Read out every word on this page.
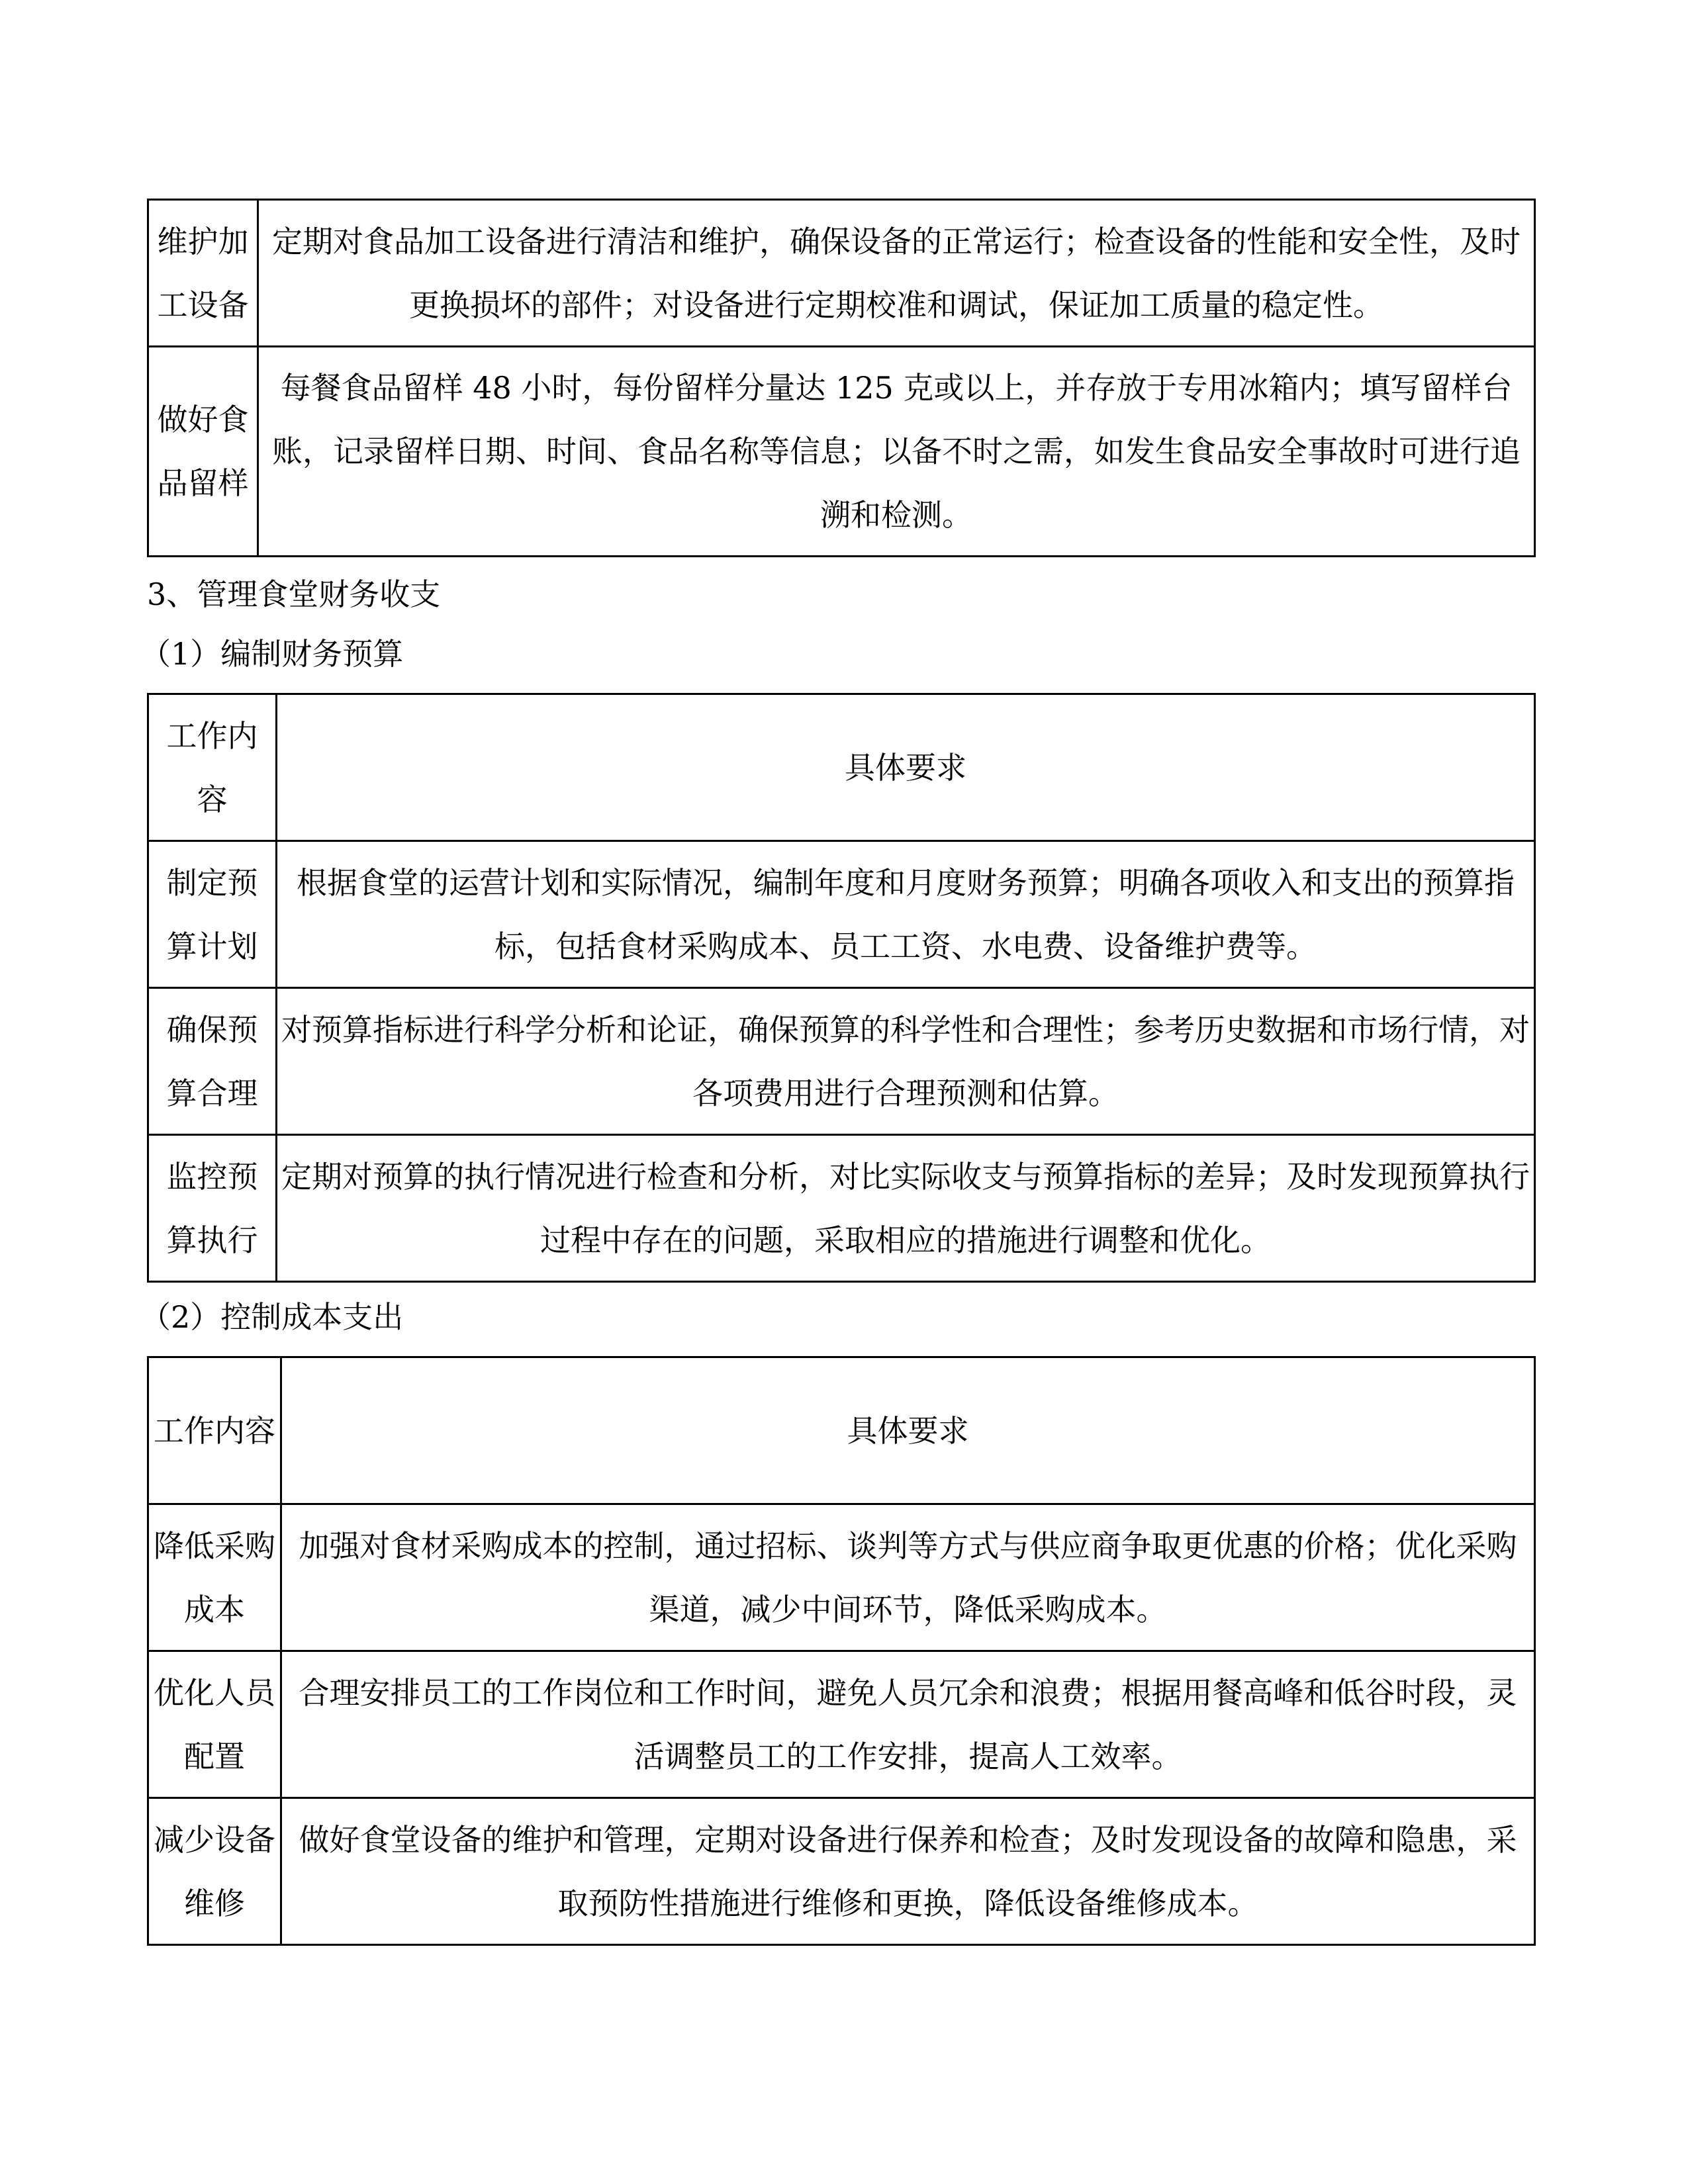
维护加工设备	定期对食品加工设备进行清洁和维护，确保设备的正常运行；检查设备的性能和安全性，及时更换损坏的部件；对设备进行定期校准和调试，保证加工质量的稳定性。
做好食品留样	每餐食品留样 48 小时，每份留样分量达 125 克或以上，并存放于专用冰箱内；填写留样台账，记录留样日期、时间、食品名称等信息；以备不时之需，如发生食品安全事故时可进行追溯和检测。

3、管理食堂财务收支

（1）编制财务预算

工作内容	具体要求
制定预算计划	根据食堂的运营计划和实际情况，编制年度和月度财务预算；明确各项收入和支出的预算指标，包括食材采购成本、员工工资、水电费、设备维护费等。
确保预算合理	对预算指标进行科学分析和论证，确保预算的科学性和合理性；参考历史数据和市场行情，对各项费用进行合理预测和估算。
监控预算执行	定期对预算的执行情况进行检查和分析，对比实际收支与预算指标的差异；及时发现预算执行过程中存在的问题，采取相应的措施进行调整和优化。

（2）控制成本支出

工作内容	具体要求
降低采购成本	加强对食材采购成本的控制，通过招标、谈判等方式与供应商争取更优惠的价格；优化采购渠道，减少中间环节，降低采购成本。
优化人员配置	合理安排员工的工作岗位和工作时间，避免人员冗余和浪费；根据用餐高峰和低谷时段，灵活调整员工的工作安排，提高人工效率。
减少设备维修	做好食堂设备的维护和管理，定期对设备进行保养和检查；及时发现设备的故障和隐患，采取预防性措施进行维修和更换，降低设备维修成本。
